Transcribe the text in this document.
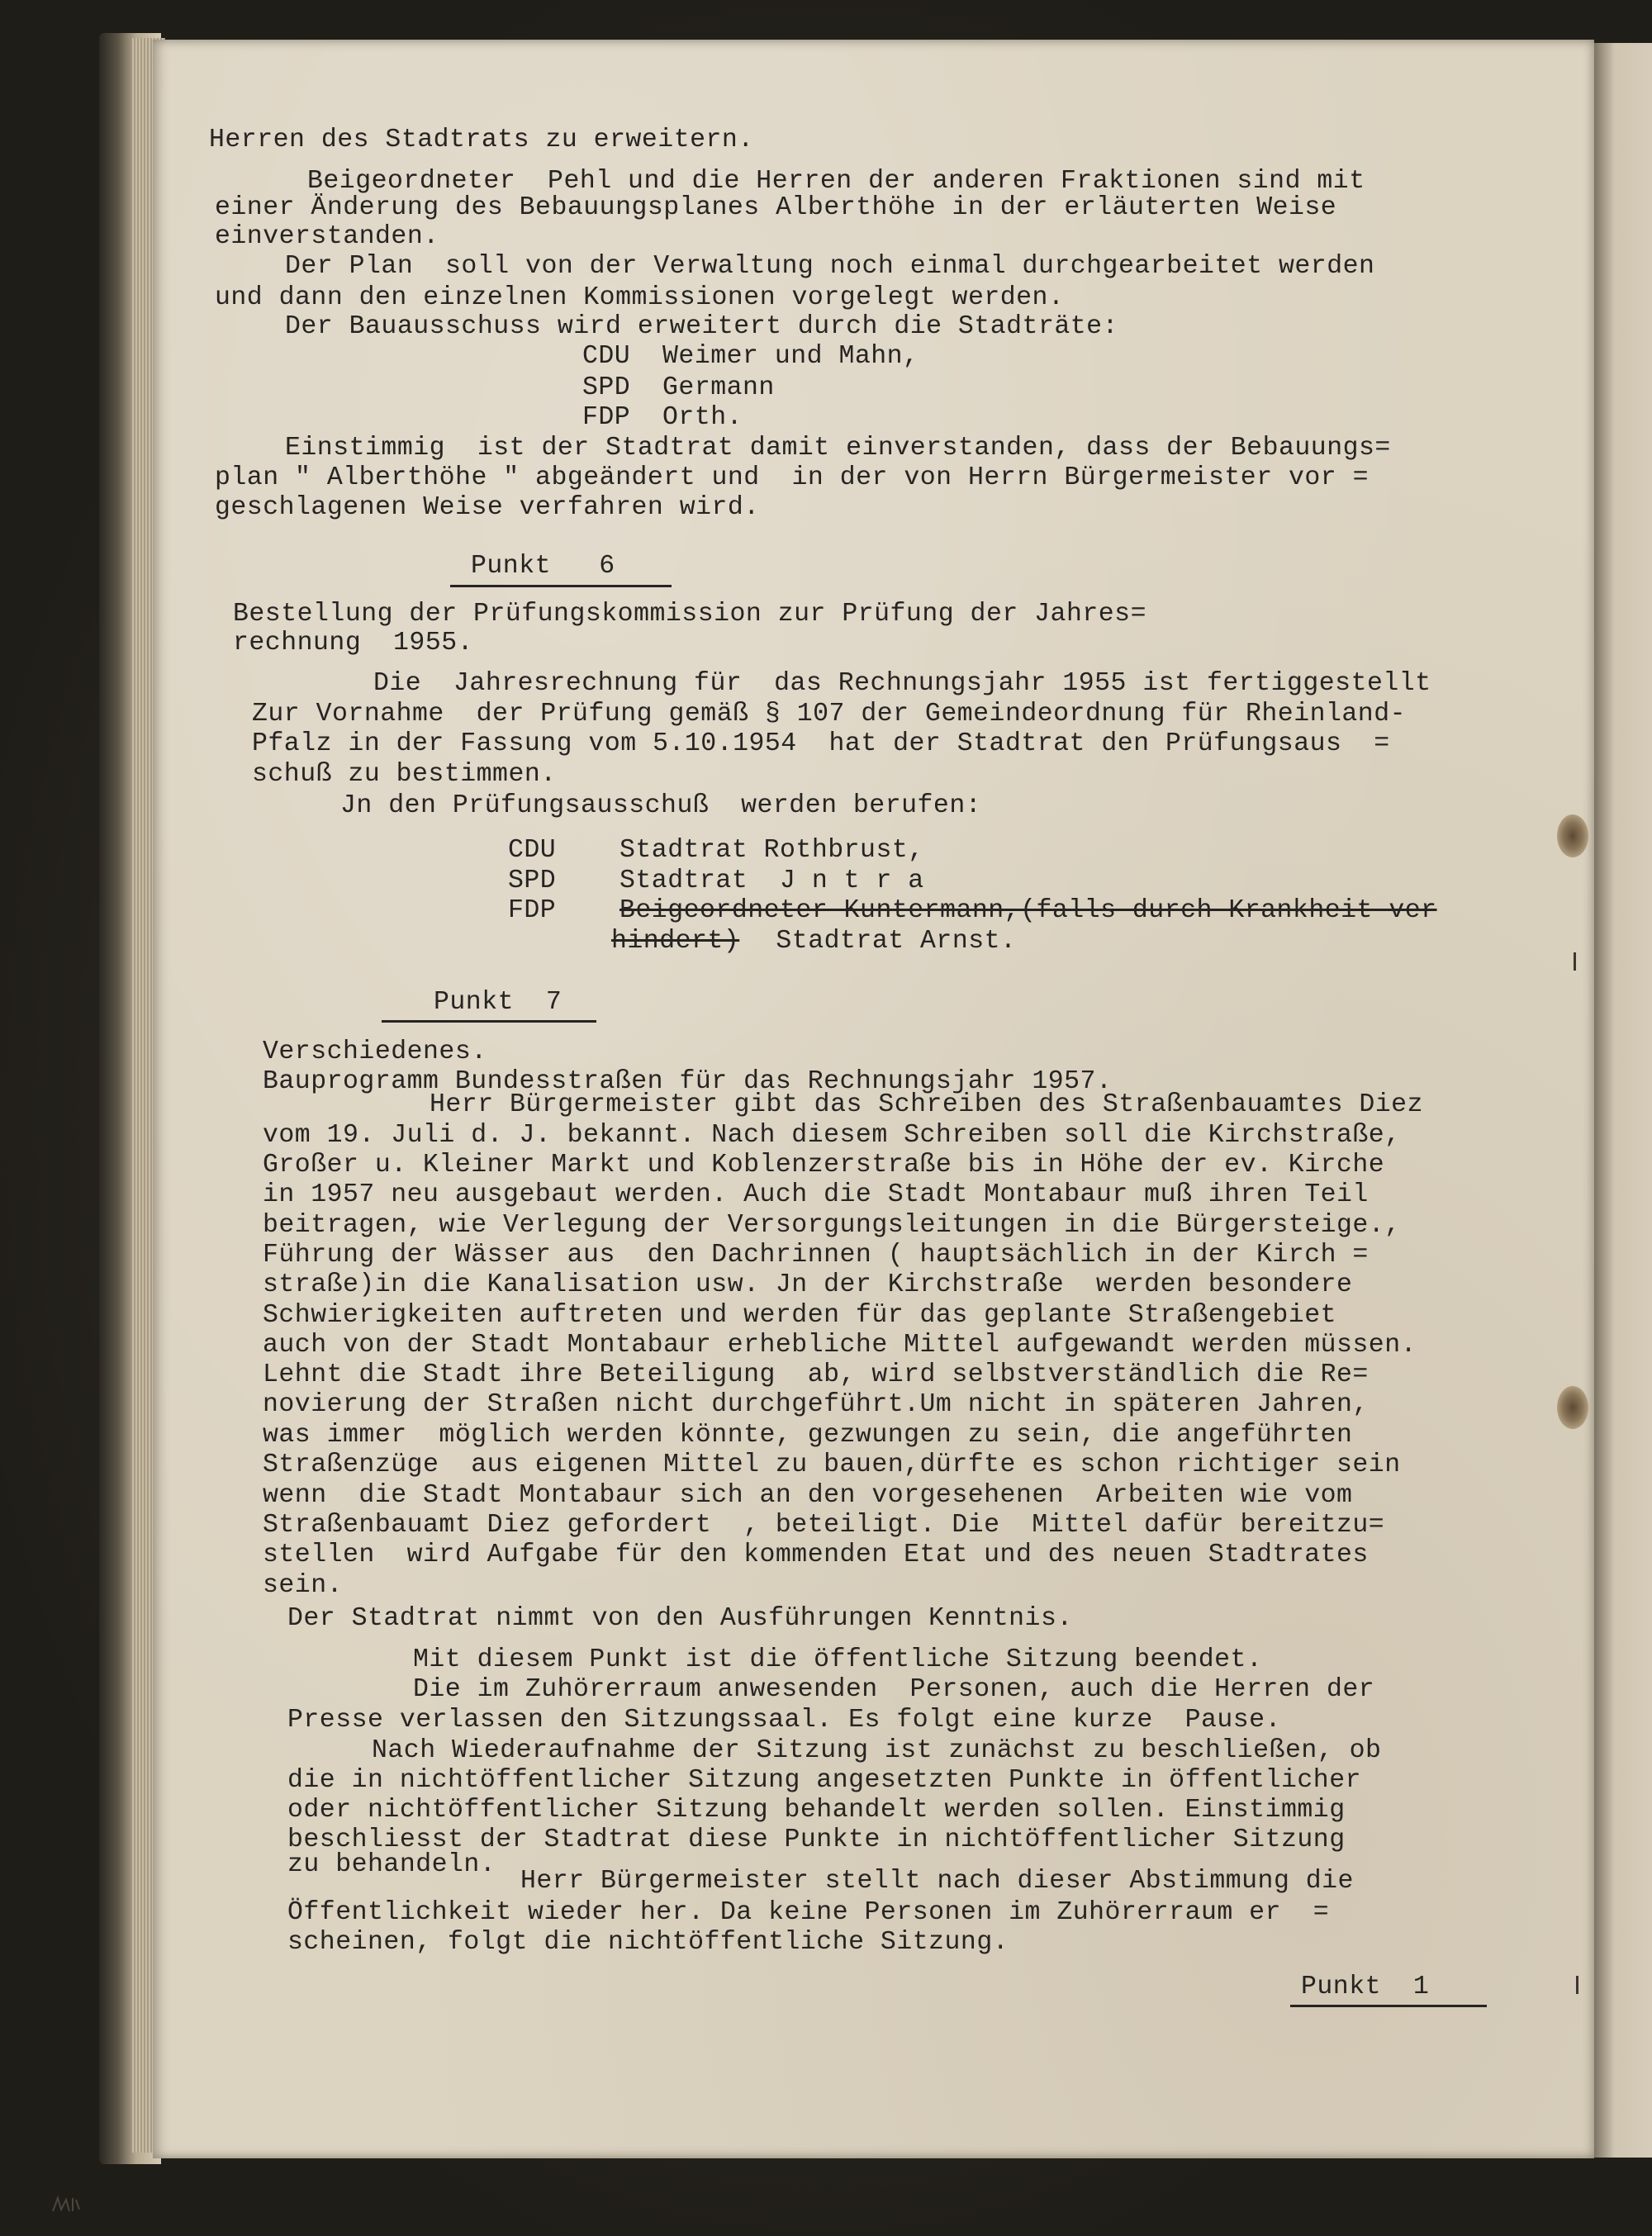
Herren des Stadtrats zu erweitern.

Beigeordneter  Pehl und die Herren der anderen Fraktionen sind mit

einer Änderung des Bebauungsplanes Alberthöhe in der erläuterten Weise

einverstanden.

Der Plan  soll von der Verwaltung noch einmal durchgearbeitet werden

und dann den einzelnen Kommissionen vorgelegt werden.

Der Bauausschuss wird erweitert durch die Stadträte:

CDU  Weimer und Mahn,

SPD  Germann

FDP  Orth.

Einstimmig  ist der Stadtrat damit einverstanden, dass der Bebauungs=

plan " Alberthöhe " abgeändert und  in der von Herrn Bürgermeister vor =

geschlagenen Weise verfahren wird.

Punkt   6

Bestellung der Prüfungskommission zur Prüfung der Jahres=

rechnung  1955.

Die  Jahresrechnung für  das Rechnungsjahr 1955 ist fertiggestellt

Zur Vornahme  der Prüfung gemäß § 107 der Gemeindeordnung für Rheinland-

Pfalz in der Fassung vom 5.10.1954  hat der Stadtrat den Prüfungsaus  =

schuß zu bestimmen.

Jn den Prüfungsausschuß  werden berufen:

CDU Stadtrat Rothbrust,

SPD Stadtrat  J n t r a

FDP Beigeordneter Kuntermann,(falls durch Krankheit ver

hindert) Stadtrat Arnst.

Punkt  7

Verschiedenes.

Bauprogramm Bundesstraßen für das Rechnungsjahr 1957.

Herr Bürgermeister gibt das Schreiben des Straßenbauamtes Diez

vom 19. Juli d. J. bekannt. Nach diesem Schreiben soll die Kirchstraße,

Großer u. Kleiner Markt und Koblenzerstraße bis in Höhe der ev. Kirche

in 1957 neu ausgebaut werden. Auch die Stadt Montabaur muß ihren Teil

beitragen, wie Verlegung der Versorgungsleitungen in die Bürgersteige.,

Führung der Wässer aus  den Dachrinnen ( hauptsächlich in der Kirch =

straße)in die Kanalisation usw. Jn der Kirchstraße  werden besondere

Schwierigkeiten auftreten und werden für das geplante Straßengebiet

auch von der Stadt Montabaur erhebliche Mittel aufgewandt werden müssen.

Lehnt die Stadt ihre Beteiligung  ab, wird selbstverständlich die Re=

novierung der Straßen nicht durchgeführt.Um nicht in späteren Jahren,

was immer  möglich werden könnte, gezwungen zu sein, die angeführten

Straßenzüge  aus eigenen Mittel zu bauen,dürfte es schon richtiger sein

wenn  die Stadt Montabaur sich an den vorgesehenen  Arbeiten wie vom

Straßenbauamt Diez gefordert  , beteiligt. Die  Mittel dafür bereitzu=

stellen  wird Aufgabe für den kommenden Etat und des neuen Stadtrates

sein.

Der Stadtrat nimmt von den Ausführungen Kenntnis.

Mit diesem Punkt ist die öffentliche Sitzung beendet.

Die im Zuhörerraum anwesenden  Personen, auch die Herren der

Presse verlassen den Sitzungssaal. Es folgt eine kurze  Pause.

Nach Wiederaufnahme der Sitzung ist zunächst zu beschließen, ob

die in nichtöffentlicher Sitzung angesetzten Punkte in öffentlicher

oder nichtöffentlicher Sitzung behandelt werden sollen. Einstimmig

beschliesst der Stadtrat diese Punkte in nichtöffentlicher Sitzung

zu behandeln.

Herr Bürgermeister stellt nach dieser Abstimmung die

Öffentlichkeit wieder her. Da keine Personen im Zuhörerraum er  =

scheinen, folgt die nichtöffentliche Sitzung.

Punkt  1
